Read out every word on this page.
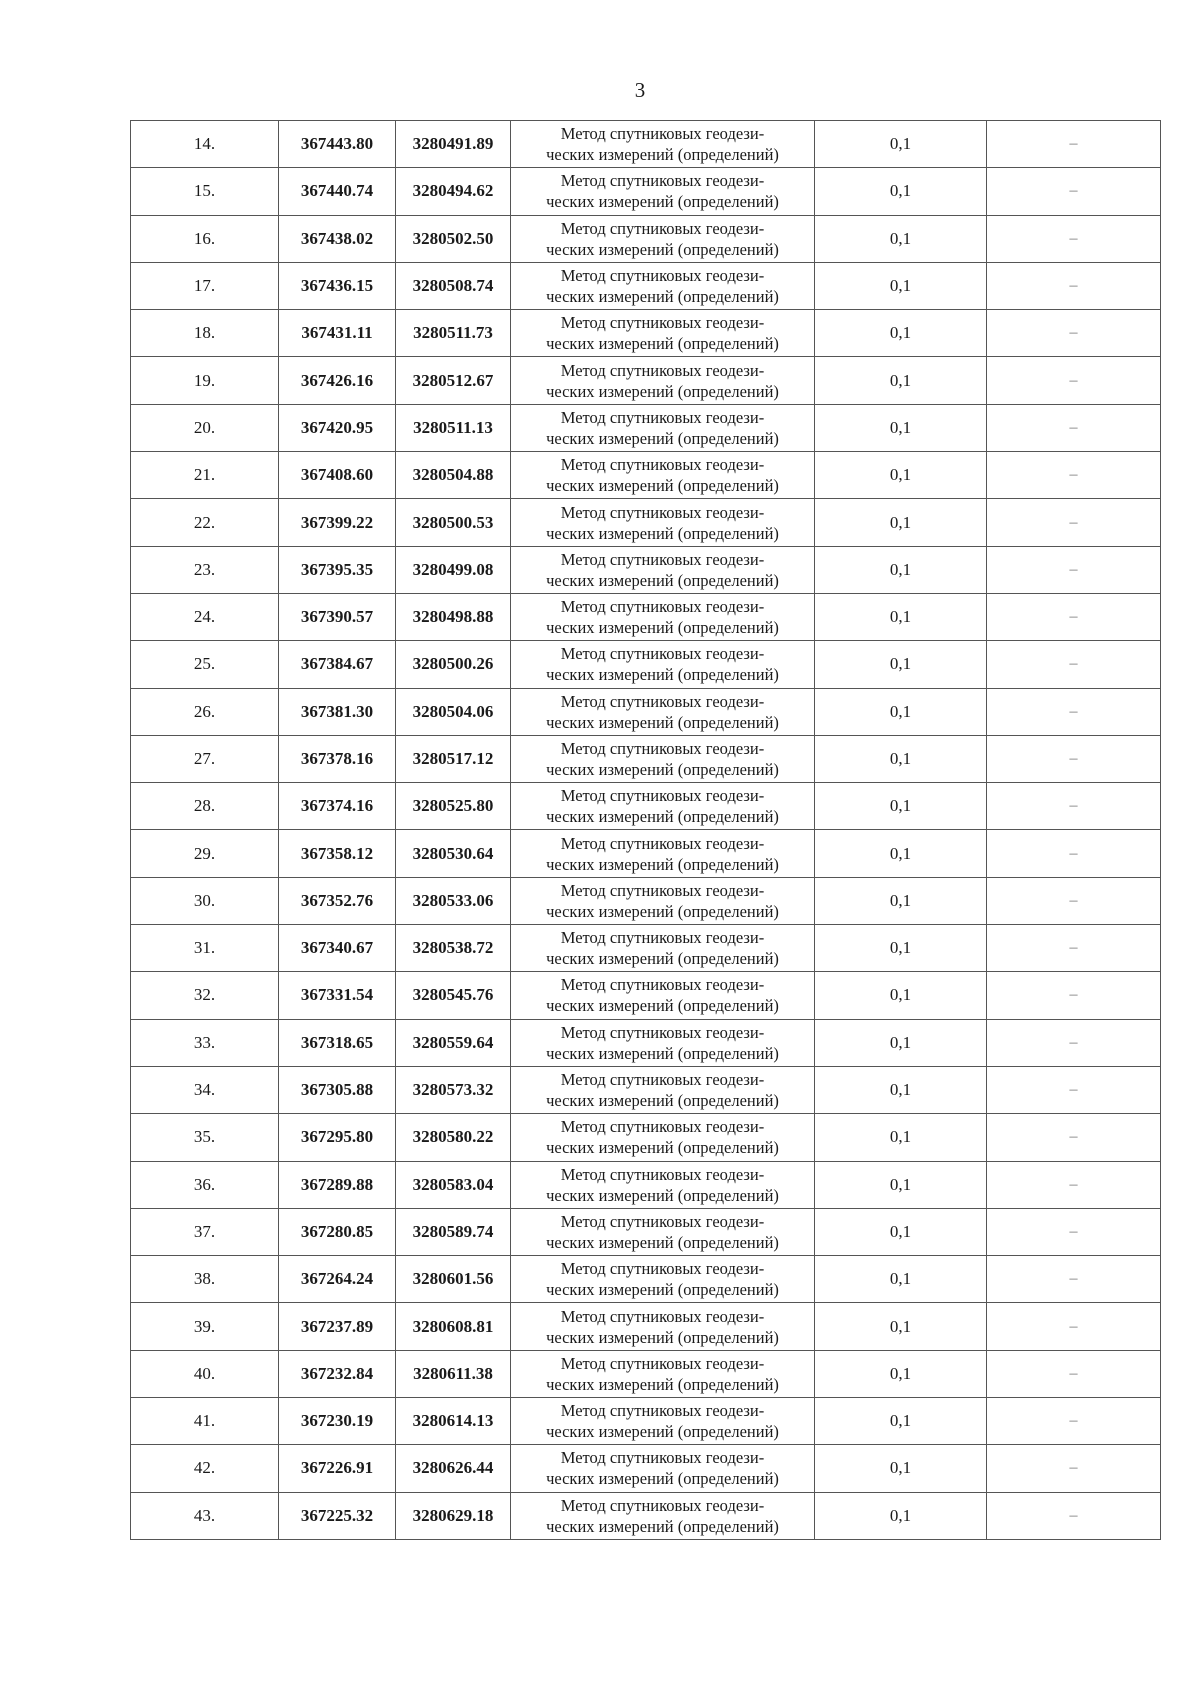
3
14.	367443.80	3280491.89	Метод спутниковых геодези-
ческих измерений (определений)	0,1	–
15.	367440.74	3280494.62	Метод спутниковых геодези-
ческих измерений (определений)	0,1	–
16.	367438.02	3280502.50	Метод спутниковых геодези-
ческих измерений (определений)	0,1	–
17.	367436.15	3280508.74	Метод спутниковых геодези-
ческих измерений (определений)	0,1	–
18.	367431.11	3280511.73	Метод спутниковых геодези-
ческих измерений (определений)	0,1	–
19.	367426.16	3280512.67	Метод спутниковых геодези-
ческих измерений (определений)	0,1	–
20.	367420.95	3280511.13	Метод спутниковых геодези-
ческих измерений (определений)	0,1	–
21.	367408.60	3280504.88	Метод спутниковых геодези-
ческих измерений (определений)	0,1	–
22.	367399.22	3280500.53	Метод спутниковых геодези-
ческих измерений (определений)	0,1	–
23.	367395.35	3280499.08	Метод спутниковых геодези-
ческих измерений (определений)	0,1	–
24.	367390.57	3280498.88	Метод спутниковых геодези-
ческих измерений (определений)	0,1	–
25.	367384.67	3280500.26	Метод спутниковых геодези-
ческих измерений (определений)	0,1	–
26.	367381.30	3280504.06	Метод спутниковых геодези-
ческих измерений (определений)	0,1	–
27.	367378.16	3280517.12	Метод спутниковых геодези-
ческих измерений (определений)	0,1	–
28.	367374.16	3280525.80	Метод спутниковых геодези-
ческих измерений (определений)	0,1	–
29.	367358.12	3280530.64	Метод спутниковых геодези-
ческих измерений (определений)	0,1	–
30.	367352.76	3280533.06	Метод спутниковых геодези-
ческих измерений (определений)	0,1	–
31.	367340.67	3280538.72	Метод спутниковых геодези-
ческих измерений (определений)	0,1	–
32.	367331.54	3280545.76	Метод спутниковых геодези-
ческих измерений (определений)	0,1	–
33.	367318.65	3280559.64	Метод спутниковых геодези-
ческих измерений (определений)	0,1	–
34.	367305.88	3280573.32	Метод спутниковых геодези-
ческих измерений (определений)	0,1	–
35.	367295.80	3280580.22	Метод спутниковых геодези-
ческих измерений (определений)	0,1	–
36.	367289.88	3280583.04	Метод спутниковых геодези-
ческих измерений (определений)	0,1	–
37.	367280.85	3280589.74	Метод спутниковых геодези-
ческих измерений (определений)	0,1	–
38.	367264.24	3280601.56	Метод спутниковых геодези-
ческих измерений (определений)	0,1	–
39.	367237.89	3280608.81	Метод спутниковых геодези-
ческих измерений (определений)	0,1	–
40.	367232.84	3280611.38	Метод спутниковых геодези-
ческих измерений (определений)	0,1	–
41.	367230.19	3280614.13	Метод спутниковых геодези-
ческих измерений (определений)	0,1	–
42.	367226.91	3280626.44	Метод спутниковых геодези-
ческих измерений (определений)	0,1	–
43.	367225.32	3280629.18	Метод спутниковых геодези-
ческих измерений (определений)	0,1	–
